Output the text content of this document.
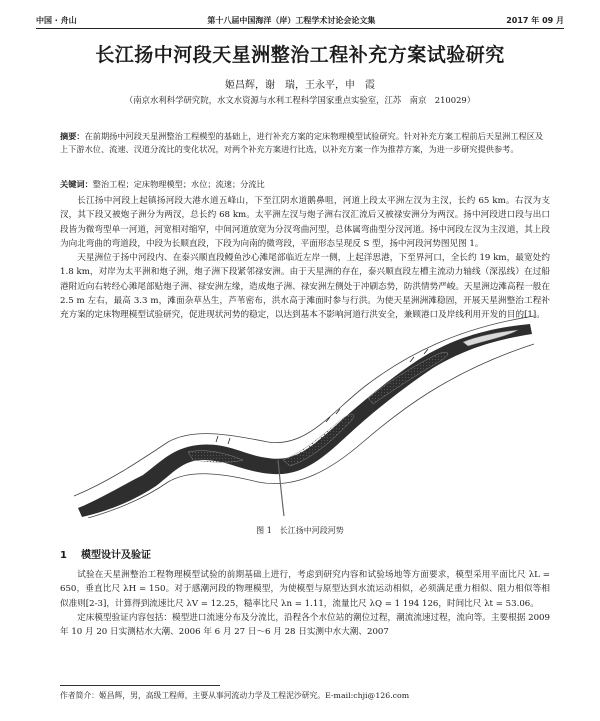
中国 · 舟山	第十八届中国海洋（岸）工程学术讨论会论文集	2017 年 09 月
长江扬中河段天星洲整治工程补充方案试验研究
姬昌辉，谢　瑞，王永平，申　霞
（南京水利科学研究院，水文水资源与水利工程科学国家重点实验室，江苏　南京　210029）
摘要：在前期扬中河段天星洲整治工程模型的基础上，进行补充方案的定床物理模型试验研究。针对补充方案工程前后天星洲工程区及上下游水位、流速、汊道分流比的变化状况，对两个补充方案进行比选，以补充方案一作为推荐方案，为进一步研究提供参考。
关键词：整治工程；定床物理模型；水位；流速；分流比

长江扬中河段上起镇扬河段大港水道五峰山，下至江阴水道鹅鼻咀，河道上段太平洲左汊为主汊，长约 65 km。右汊为支汊，其下段又被炮子洲分为两汊，总长约 68 km。太平洲左汊与炮子洲右汊汇流后又被禄安洲分为两汊。扬中河段进口段与出口段皆为微弯型单一河道，河宽相对缩窄，中间河道放宽为分汊弯曲河型，总体属弯曲型分汊河道。扬中河段左汊为主汊道，其上段为向北弯曲的弯道段，中段为长顺直段，下段为向南的微弯段，平面形态呈现反 S 型，扬中河段河势图见图 1。

天星洲位于扬中河段内、在泰兴顺直段鳗鱼沙心滩尾部临近左岸一侧，上起洋思港，下至界河口，全长约 19 km，最宽处约 1.8 km，对岸为太平洲和炮子洲，炮子洲下段紧邻禄安洲。由于天星洲的存在，泰兴顺直段左槽主流动力轴线（深泓线）在过船港附近向右转经心滩尾部贴炮子洲、禄安洲左缘，造成炮子洲、禄安洲左侧处于冲刷态势，防洪情势严峻。天星洲边滩高程一般在 2.5 m 左右，最高 3.3 m，滩面杂草丛生，芦苇密布，洪水高于滩面时参与行洪。为使天星洲洲滩稳固，开展天星洲整治工程补充方案的定床物理模型试验研究，促进现状河势的稳定，以达到基本不影响河道行洪安全，兼顾港口及岸线利用开发的目的[1]。

图 1　长江扬中河段河势
1 模型设计及验证

试验在天星洲整治工程物理模型试验的前期基础上进行，考虑到研究内容和试验场地等方面要求，模型采用平面比尺 λL = 650，垂直比尺 λH = 150。对于感潮河段的物理模型，为使模型与原型达到水流运动相似，必须满足重力相似、阻力相似等相似准则[2-3]，计算得到流速比尺 λV = 12.25，糙率比尺 λn = 1.11，流量比尺 λQ = 1 194 126，时间比尺 λt = 53.06。

定床模型验证内容包括：模型进口流速分布及分流比，沿程各个水位站的潮位过程，潮流流速过程，流向等。主要根据 2009 年 10 月 20 日实测枯水大潮、2006 年 6 月 27 日～6 月 28 日实测中水大潮、2007

作者简介：姬昌辉，男，高级工程师，主要从事河流动力学及工程泥沙研究。E-mail:chji@126.com
